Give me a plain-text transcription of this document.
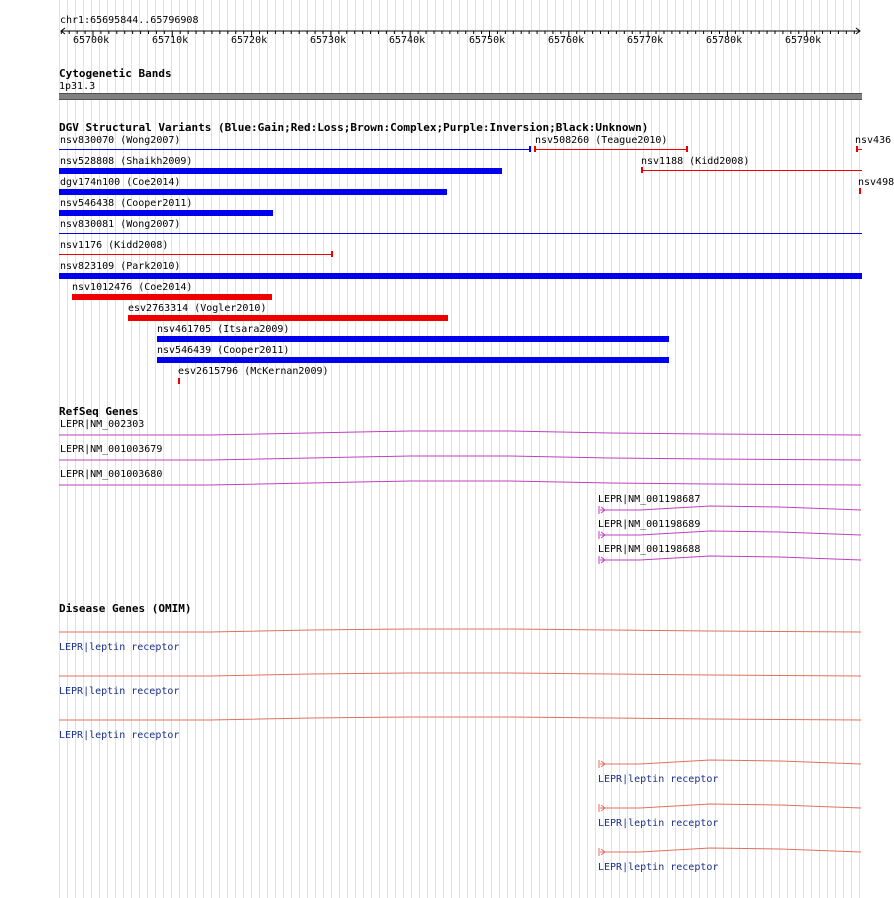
chr1:65695844..65796908
65700k	65710k	65720k	65730k	65740k	65750k	65760k	65770k	65780k	65790k
Cytogenetic Bands
1p31.3
DGV Structural Variants (Blue:Gain;Red:Loss;Brown:Complex;Purple:Inversion;Black:Unknown)
nsv830070 (Wong2007)	nsv508260 (Teague2010)	nsv436
nsv528808 (Shaikh2009)	nsv1188 (Kidd2008)
dgv174n100 (Coe2014)	nsv498
nsv546438 (Cooper2011)
nsv830081 (Wong2007)
nsv1176 (Kidd2008)
nsv823109 (Park2010)
nsv1012476 (Coe2014)
esv2763314 (Vogler2010)
nsv461705 (Itsara2009)
nsv546439 (Cooper2011)
esv2615796 (McKernan2009)
RefSeq Genes
LEPR|NM_002303
LEPR|NM_001003679
LEPR|NM_001003680
LEPR|NM_001198687
LEPR|NM_001198689
LEPR|NM_001198688
Disease Genes (OMIM)
LEPR|leptin receptor
LEPR|leptin receptor
LEPR|leptin receptor
LEPR|leptin receptor
LEPR|leptin receptor
LEPR|leptin receptor
